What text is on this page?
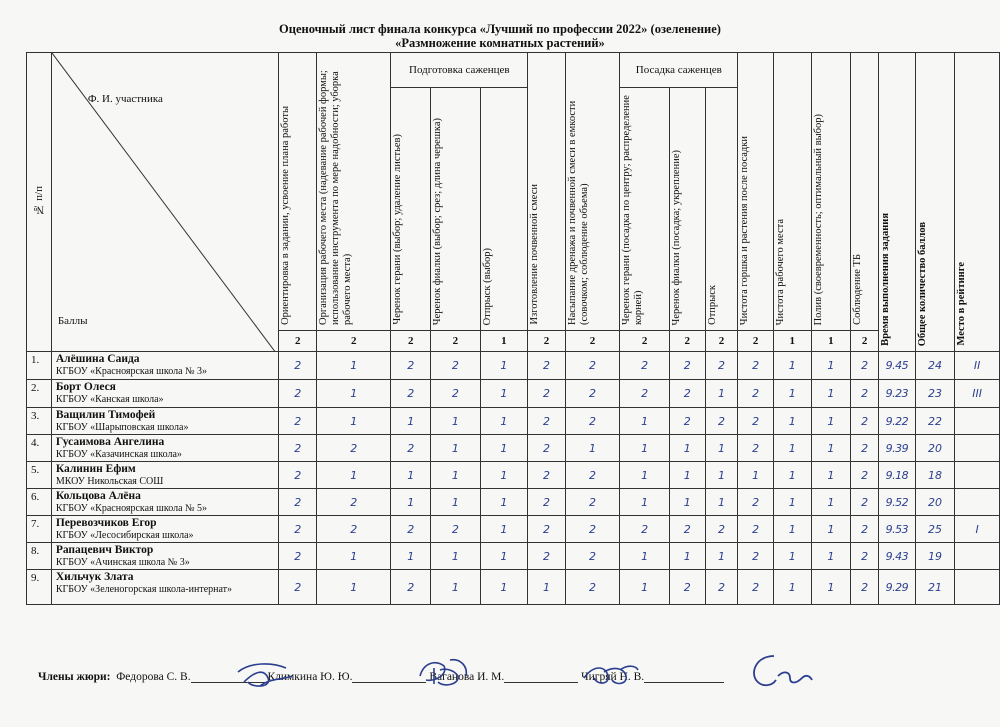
Оценочный лист финала конкурса «Лучший по профессии 2022» (озеленение)
«Размножение комнатных растений»
№ п/п	Ф. И. участника
Баллы	Ориентировка в задании, усвоение плана работы	Организация рабочего места (надевание рабочей формы; использование инструмента по мере надобности; уборка рабочего места)	Подготовка саженцев			Изготовление почвенной смеси	Насыпание дренажа и почвенной смеси в емкости (совочком; соблюдение объема)	Посадка саженцев			Чистота горшка и растения после посадки	Чистота рабочего места	Полив (своевременность; оптимальный выбор)	Соблюдение ТБ	Время выполнения задания	Общее количество баллов	Место в рейтинге
				Черенок герани (выбор; удаление листьев)	Черенок фиалки (выбор; срез; длина черешка)	Отпрыск (выбор)			Черенок герани (посадка по центру; распределение корней)	Черенок фиалки (посадка; укрепление)	Отпрыск							
		2	2	2	2	1	2	2	2	2	2	2	1	1	2			
1.	Алёшина Саида
КГБОУ «Красноярская школа № 3»	2	1	2	2	1	2	2	2	2	2	2	1	1	2	9.45	24	II
2.	Борт Олеся
КГБОУ «Канская школа»	2	1	2	2	1	2	2	2	2	1	2	1	1	2	9.23	23	III
3.	Ващилин Тимофей
КГБОУ «Шарыповская школа»	2	1	1	1	1	2	2	1	2	2	2	1	1	2	9.22	22	
4.	Гусаимова Ангелина
КГБОУ «Казачинская школа»	2	2	2	1	1	2	1	1	1	1	2	1	1	2	9.39	20	
5.	Калинин Ефим
МКОУ Никольская СОШ	2	1	1	1	1	2	2	1	1	1	1	1	1	2	9.18	18	
6.	Кольцова Алёна
КГБОУ «Красноярская школа № 5»	2	2	1	1	1	2	2	1	1	1	2	1	1	2	9.52	20	
7.	Перевозчиков Егор
КГБОУ «Лесосибирская школа»	2	2	2	2	1	2	2	2	2	2	2	1	1	2	9.53	25	I
8.	Рапацевич Виктор
КГБОУ «Ачинская школа № 3»	2	1	1	1	1	2	2	1	1	1	2	1	1	2	9.43	19	
9.	Хильчук Злата
КГБОУ «Зеленогорская школа-интернат»	2	1	2	1	1	1	2	1	2	2	2	1	1	2	9.29	21	
Члены жюри: Федорова С. В.	Климкина Ю. Ю.	Ваганова И. М.	Чигряй Н. В.
